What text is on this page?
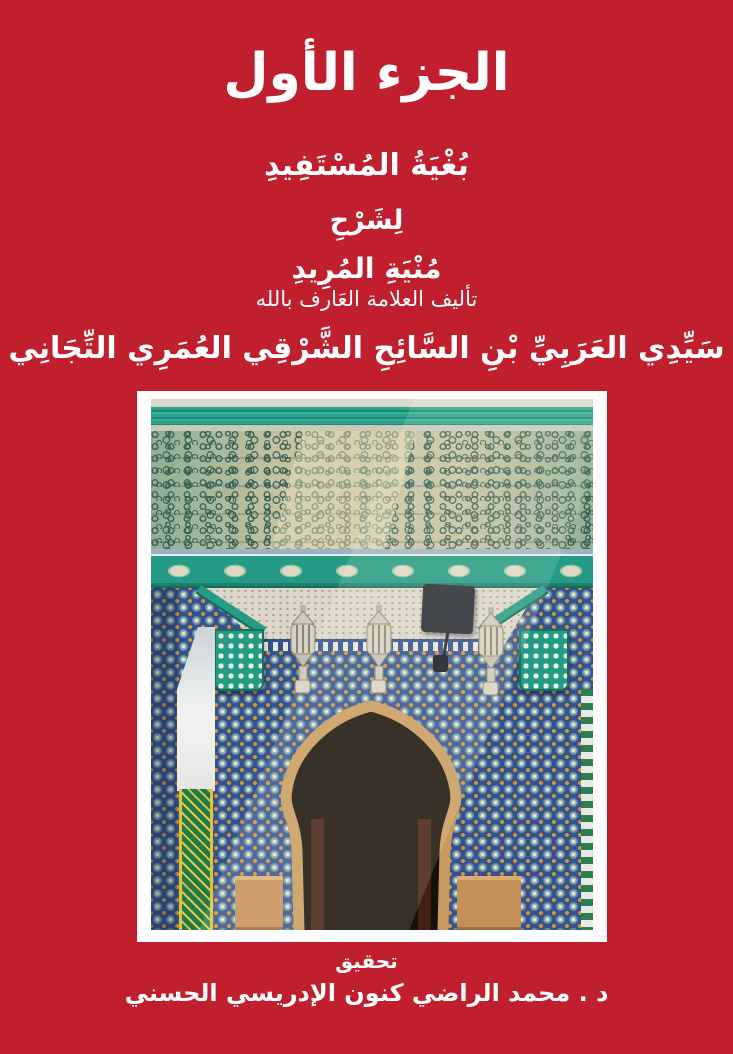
الجزء الأول
بُغْيَةُ المُسْتَفِيدِ
لِشَرْحِ
مُنْيَةِ المُرِيدِ
تأليف العلامة العَارف بالله
سَيِّدِي العَرَبِيِّ بْنِ السَّائِحِ الشَّرْقِي العُمَرِي التِّجَانِي
تحقيق
د . محمد الراضي كنون الإدريسي الحسني
